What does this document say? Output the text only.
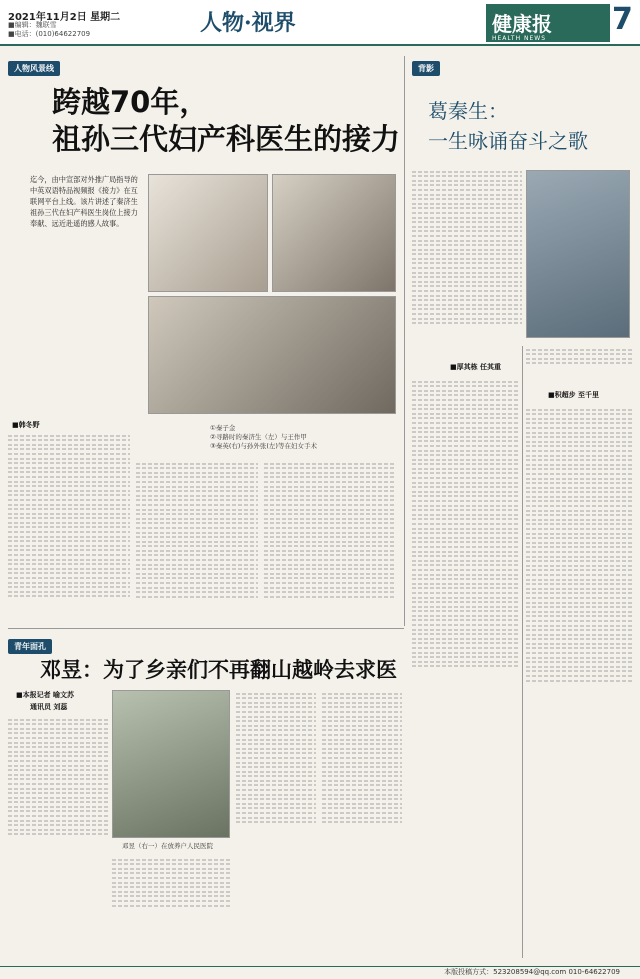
2021年11月2日 星期二
■编辑：魏联雪
■电话：(010)64622709	人物·视界	健康报
HEALTH NEWS
7
人物风景线
跨越70年，
祖孙三代妇产科医生的接力
迄今，由中宣部对外推广局指导的中英双语特品视频报《接力》在互联网平台上线。该片讲述了秦济生祖孙三代在妇产科医生岗位上接力奉献、远近赴遥的感人故事。
■韩冬野	①秦子金
②寻路时的秦济生（左）与王作甲
③秦英(右)与孙外张(左)等在妇女手术
背影
葛秦生：
一生咏诵奋斗之歌
■厚其栋 任其重
■积超步 至千里
青年面孔
邓昱：为了乡亲们不再翻山越岭去求医
■本报记者 喻文苏
通讯员 刘蕊
邓昱（右一）在放养户人民医院
本版投稿方式：523208594@qq.com 010-64622709
